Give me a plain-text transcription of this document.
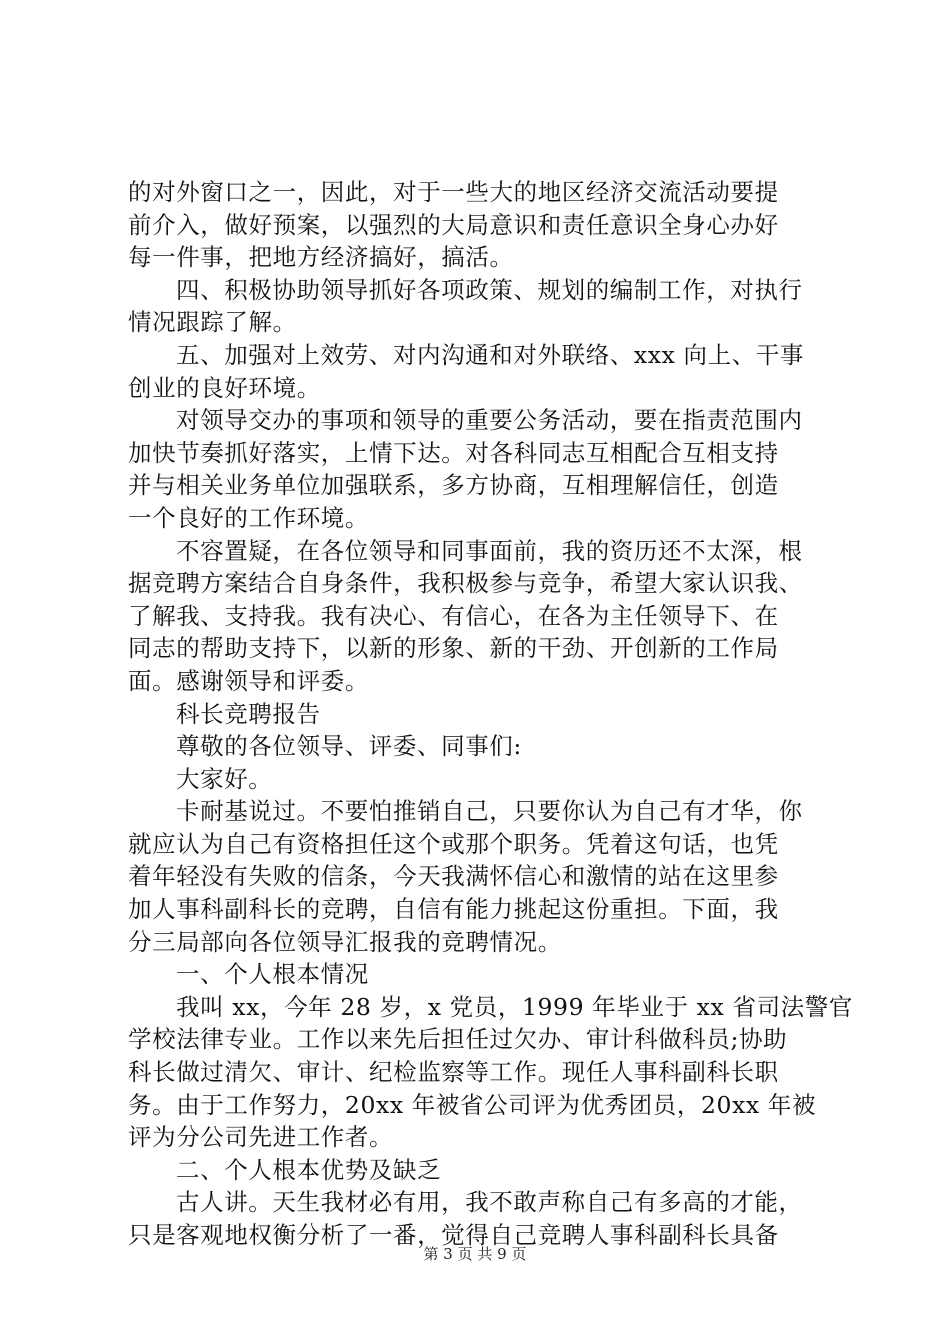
的对外窗口之一，因此，对于一些大的地区经济交流活动要提

前介入，做好预案，以强烈的大局意识和责任意识全身心办好

每一件事，把地方经济搞好，搞活。

四、积极协助领导抓好各项政策、规划的编制工作，对执行

情况跟踪了解。

五、加强对上效劳、对内沟通和对外联络、xxx 向上、干事

创业的良好环境。

对领导交办的事项和领导的重要公务活动，要在指责范围内

加快节奏抓好落实，上情下达。对各科同志互相配合互相支持

并与相关业务单位加强联系，多方协商，互相理解信任，创造

一个良好的工作环境。

不容置疑，在各位领导和同事面前，我的资历还不太深，根

据竞聘方案结合自身条件，我积极参与竞争，希望大家认识我、

了解我、支持我。我有决心、有信心，在各为主任领导下、在

同志的帮助支持下，以新的形象、新的干劲、开创新的工作局

面。感谢领导和评委。

科长竞聘报告

尊敬的各位领导、评委、同事们:

大家好。

卡耐基说过。不要怕推销自己，只要你认为自己有才华，你

就应认为自己有资格担任这个或那个职务。凭着这句话，也凭

着年轻没有失败的信条，今天我满怀信心和激情的站在这里参

加人事科副科长的竞聘，自信有能力挑起这份重担。下面，我

分三局部向各位领导汇报我的竞聘情况。

一、个人根本情况

我叫 xx，今年 28 岁，x 党员，1999 年毕业于 xx 省司法警官

学校法律专业。工作以来先后担任过欠办、审计科做科员;协助

科长做过清欠、审计、纪检监察等工作。现任人事科副科长职

务。由于工作努力，20xx 年被省公司评为优秀团员，20xx 年被

评为分公司先进工作者。

二、个人根本优势及缺乏

古人讲。天生我材必有用，我不敢声称自己有多高的才能，

只是客观地权衡分析了一番，觉得自己竞聘人事科副科长具备

第 3 页 共 9 页
